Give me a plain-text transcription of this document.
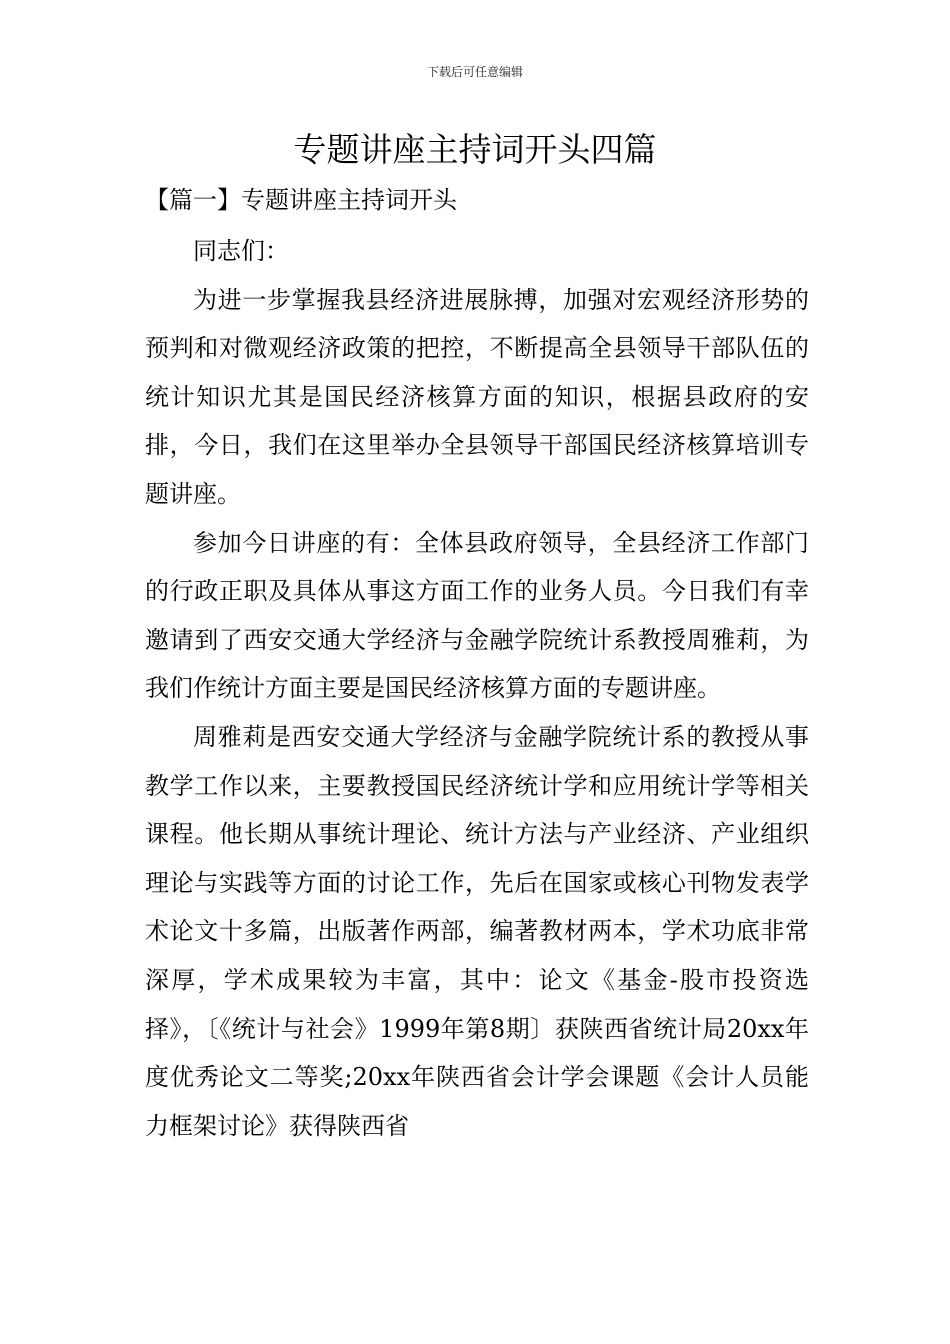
下载后可任意编辑
专题讲座主持词开头四篇
【篇一】专题讲座主持词开头

同志们：

为进一步掌握我县经济进展脉搏，加强对宏观经济形势的预判和对微观经济政策的把控，不断提高全县领导干部队伍的统计知识尤其是国民经济核算方面的知识，根据县政府的安排，今日，我们在这里举办全县领导干部国民经济核算培训专题讲座。

参加今日讲座的有：全体县政府领导，全县经济工作部门的行政正职及具体从事这方面工作的业务人员。今日我们有幸邀请到了西安交通大学经济与金融学院统计系教授周雅莉，为我们作统计方面主要是国民经济核算方面的专题讲座。

周雅莉是西安交通大学经济与金融学院统计系的教授从事教学工作以来，主要教授国民经济统计学和应用统计学等相关课程。他长期从事统计理论、统计方法与产业经济、产业组织理论与实践等方面的讨论工作，先后在国家或核心刊物发表学术论文十多篇，出版著作两部，编著教材两本，学术功底非常深厚，学术成果较为丰富，其中：论文《基金-股市投资选择》，〔《统计与社会》1999年第8期〕获陕西省统计局20xx年度优秀论文二等奖;20xx年陕西省会计学会课题《会计人员能力框架讨论》获得陕西省
